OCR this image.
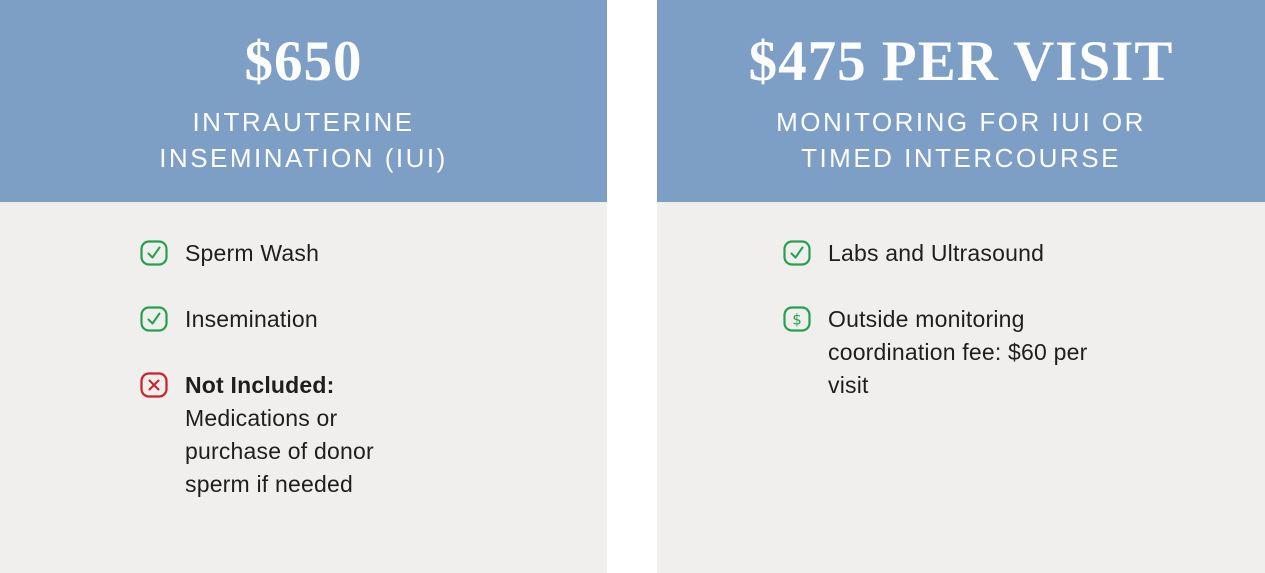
$650
INTRAUTERINE
INSEMINATION (IUI)
Sperm Wash
Insemination
Not Included:
Medications or purchase of donor sperm if needed
$475 PER VISIT
MONITORING FOR IUI OR
TIMED INTERCOURSE
Labs and Ultrasound
$ Outside monitoring coordination fee: $60 per visit
